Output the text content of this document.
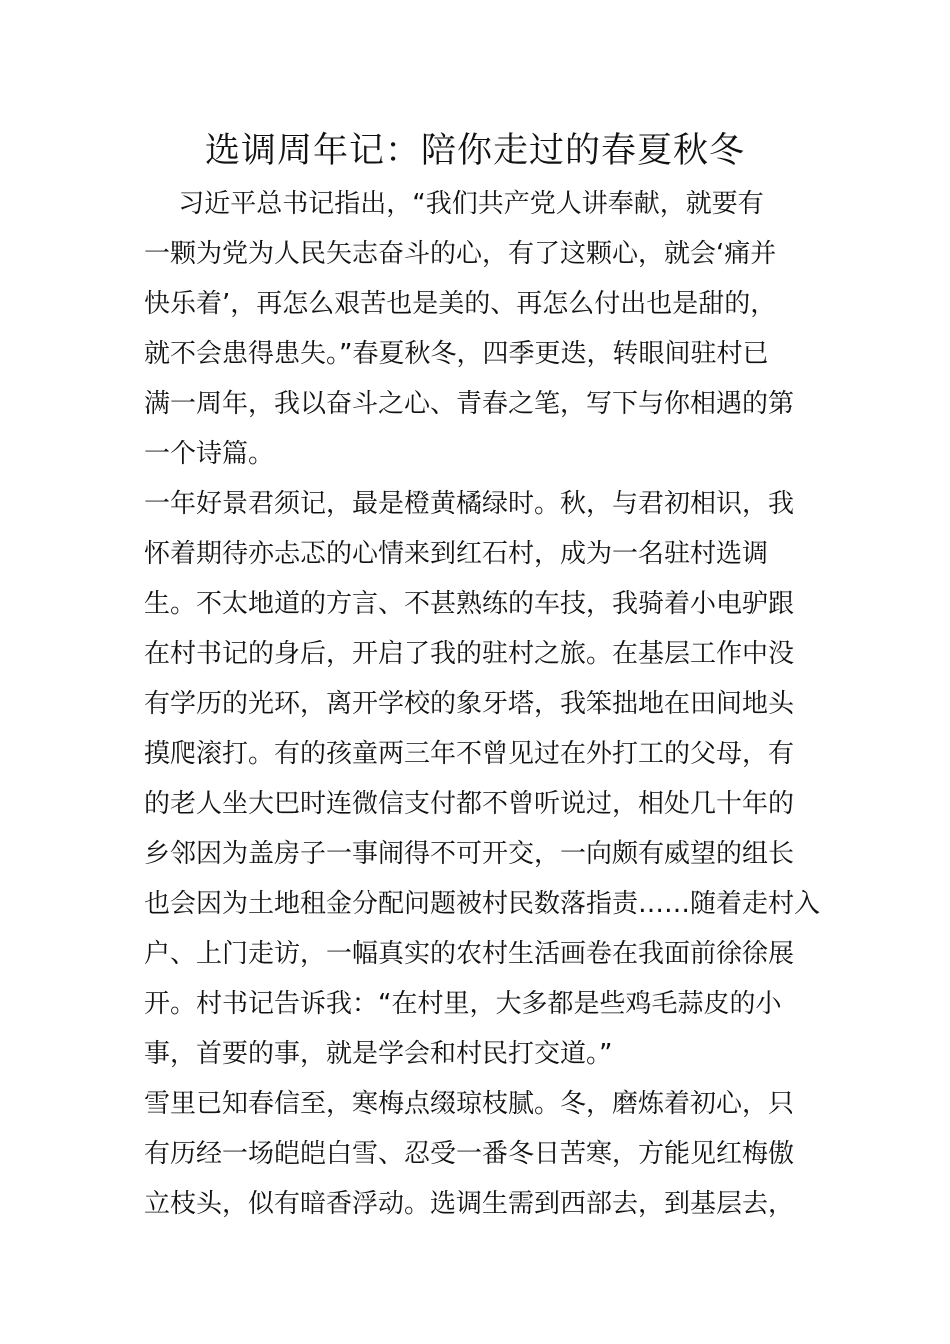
选调周年记：陪你走过的春夏秋冬

　 习近平总书记指出，“我们共产党人讲奉献，就要有

一颗为党为人民矢志奋斗的心，有了这颗心，就会‘痛并

快乐着’，再怎么艰苦也是美的、再怎么付出也是甜的，

就不会患得患失。”春夏秋冬，四季更迭，转眼间驻村已

满一周年，我以奋斗之心、青春之笔，写下与你相遇的第

一个诗篇。

一年好景君须记，最是橙黄橘绿时。秋，与君初相识，我

怀着期待亦忐忑的心情来到红石村，成为一名驻村选调

生。不太地道的方言、不甚熟练的车技，我骑着小电驴跟

在村书记的身后，开启了我的驻村之旅。在基层工作中没

有学历的光环，离开学校的象牙塔，我笨拙地在田间地头

摸爬滚打。有的孩童两三年不曾见过在外打工的父母，有

的老人坐大巴时连微信支付都不曾听说过，相处几十年的

乡邻因为盖房子一事闹得不可开交，一向颇有威望的组长

也会因为土地租金分配问题被村民数落指责……随着走村入

户、上门走访，一幅真实的农村生活画卷在我面前徐徐展

开。村书记告诉我：“在村里，大多都是些鸡毛蒜皮的小

事，首要的事，就是学会和村民打交道。”

雪里已知春信至，寒梅点缀琼枝腻。冬，磨炼着初心，只

有历经一场皑皑白雪、忍受一番冬日苦寒，方能见红梅傲

立枝头，似有暗香浮动。选调生需到西部去，到基层去，
